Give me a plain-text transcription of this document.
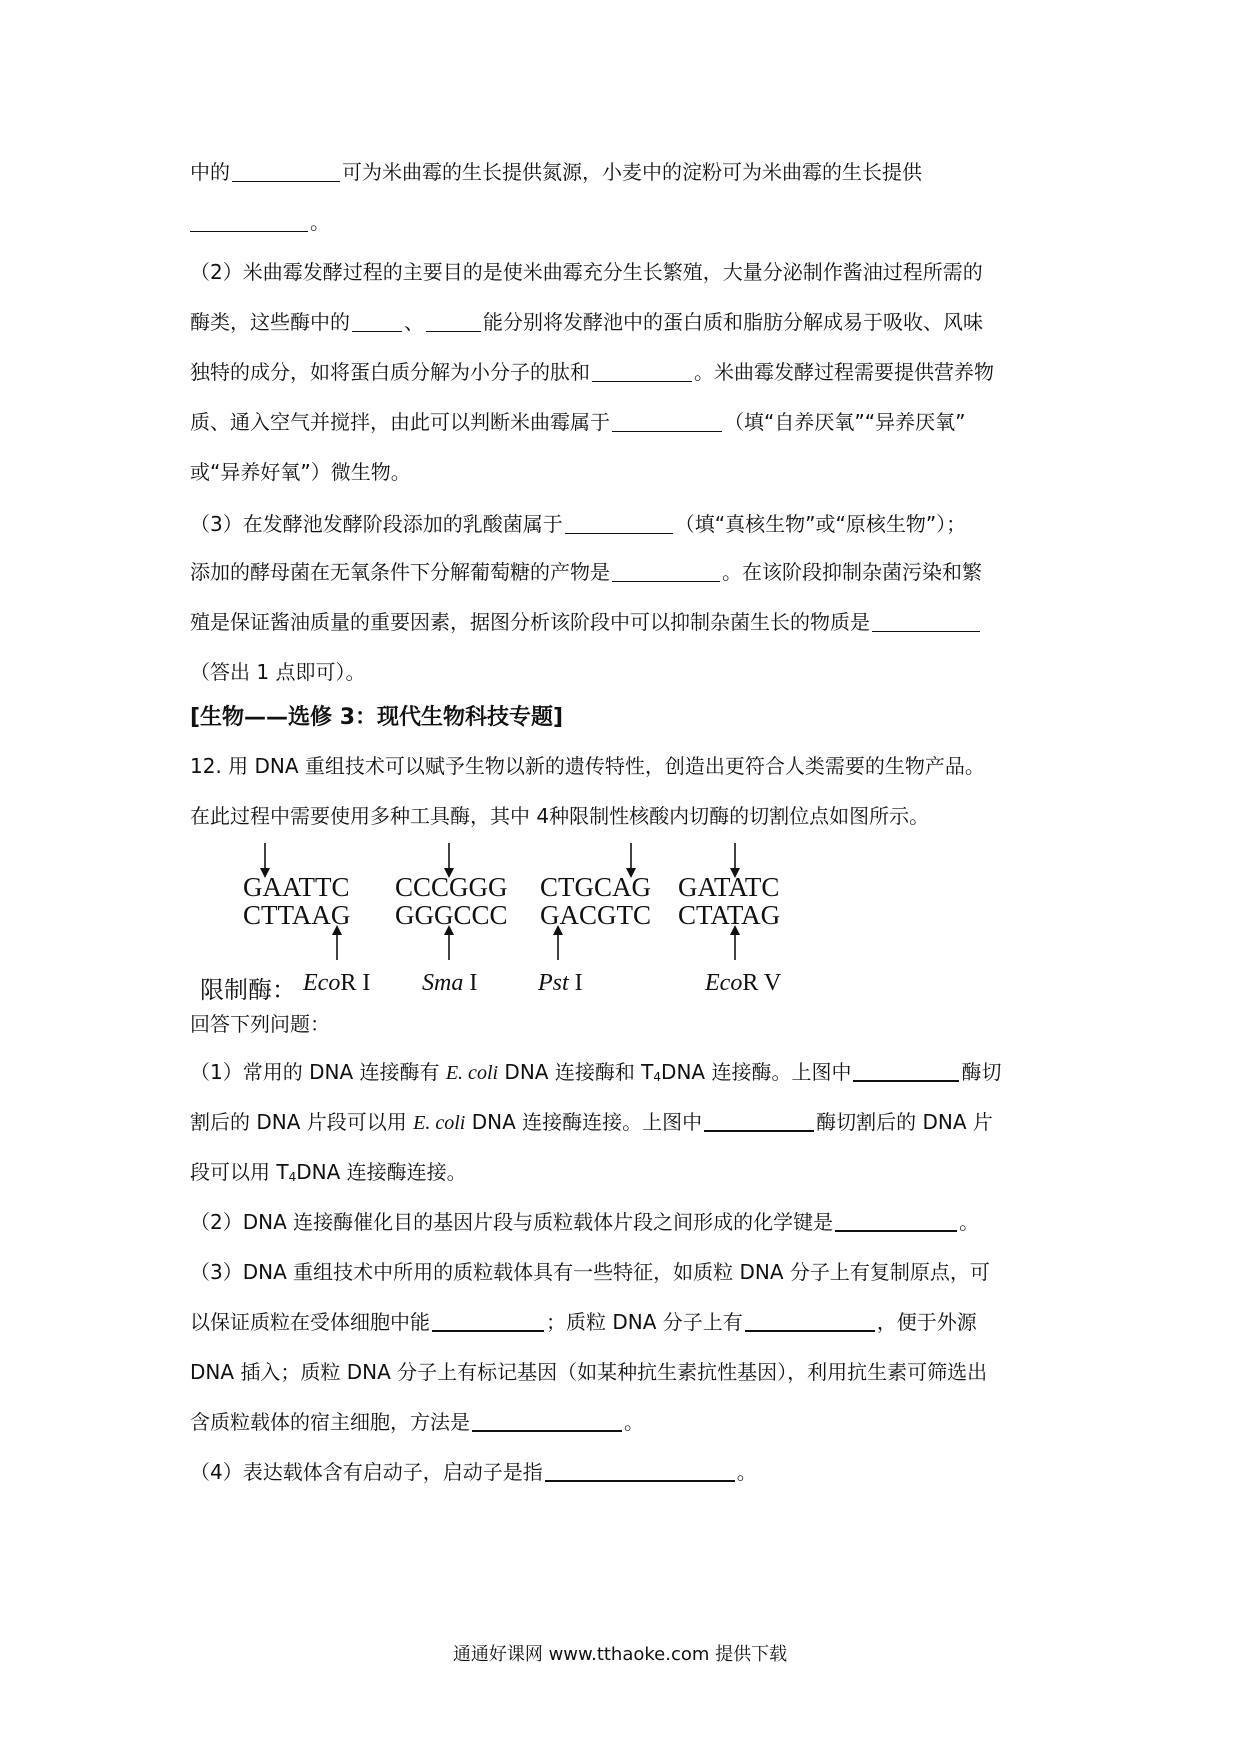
中的	可为米曲霉的生长提供氮源，小麦中的淀粉可为米曲霉的生长提供
。
（2）米曲霉发酵过程的主要目的是使米曲霉充分生长繁殖，大量分泌制作酱油过程所需的
酶类，这些酶中的	、	能分别将发酵池中的蛋白质和脂肪分解成易于吸收、风味
独特的成分，如将蛋白质分解为小分子的肽和	。米曲霉发酵过程需要提供营养物
质、通入空气并搅拌，由此可以判断米曲霉属于	（填“自养厌氧”“异养厌氧”
或“异养好氧”）微生物。
（3）在发酵池发酵阶段添加的乳酸菌属于	（填“真核生物”或“原核生物”）；
添加的酵母菌在无氧条件下分解葡萄糖的产物是	。在该阶段抑制杂菌污染和繁
殖是保证酱油质量的重要因素，据图分析该阶段中可以抑制杂菌生长的物质是
（答出 1 点即可）。
[生物——选修 3：现代生物科技专题]
12. 用 DNA 重组技术可以赋予生物以新的遗传特性，创造出更符合人类需要的生物产品。
在此过程中需要使用多种工具酶，其中 4种限制性核酸内切酶的切割位点如图所示。
GAATTC CCCGGG CTGCAG GATATC
CTTAAG GGGCCC GACGTC CTATAG
限制酶： EcoR I Sma I	Pst I	EcoR V
回答下列问题：
（1）常用的 DNA 连接酶有 E. coli DNA 连接酶和 $T_4DNA$ 连接酶。上图中	酶切
割后的 DNA 片段可以用 E. coli DNA 连接酶连接。上图中	酶切割后的 DNA 片
段可以用 $T_4DNA$ 连接酶连接。
（2）DNA 连接酶催化目的基因片段与质粒载体片段之间形成的化学键是	。
（3）DNA 重组技术中所用的质粒载体具有一些特征，如质粒 DNA 分子上有复制原点，可
以保证质粒在受体细胞中能	；质粒 DNA 分子上有	，便于外源
DNA 插入；质粒 DNA 分子上有标记基因（如某种抗生素抗性基因），利用抗生素可筛选出
含质粒载体的宿主细胞，方法是	。
（4）表达载体含有启动子，启动子是指	。
通通好课网 www.tthaoke.com 提供下载
